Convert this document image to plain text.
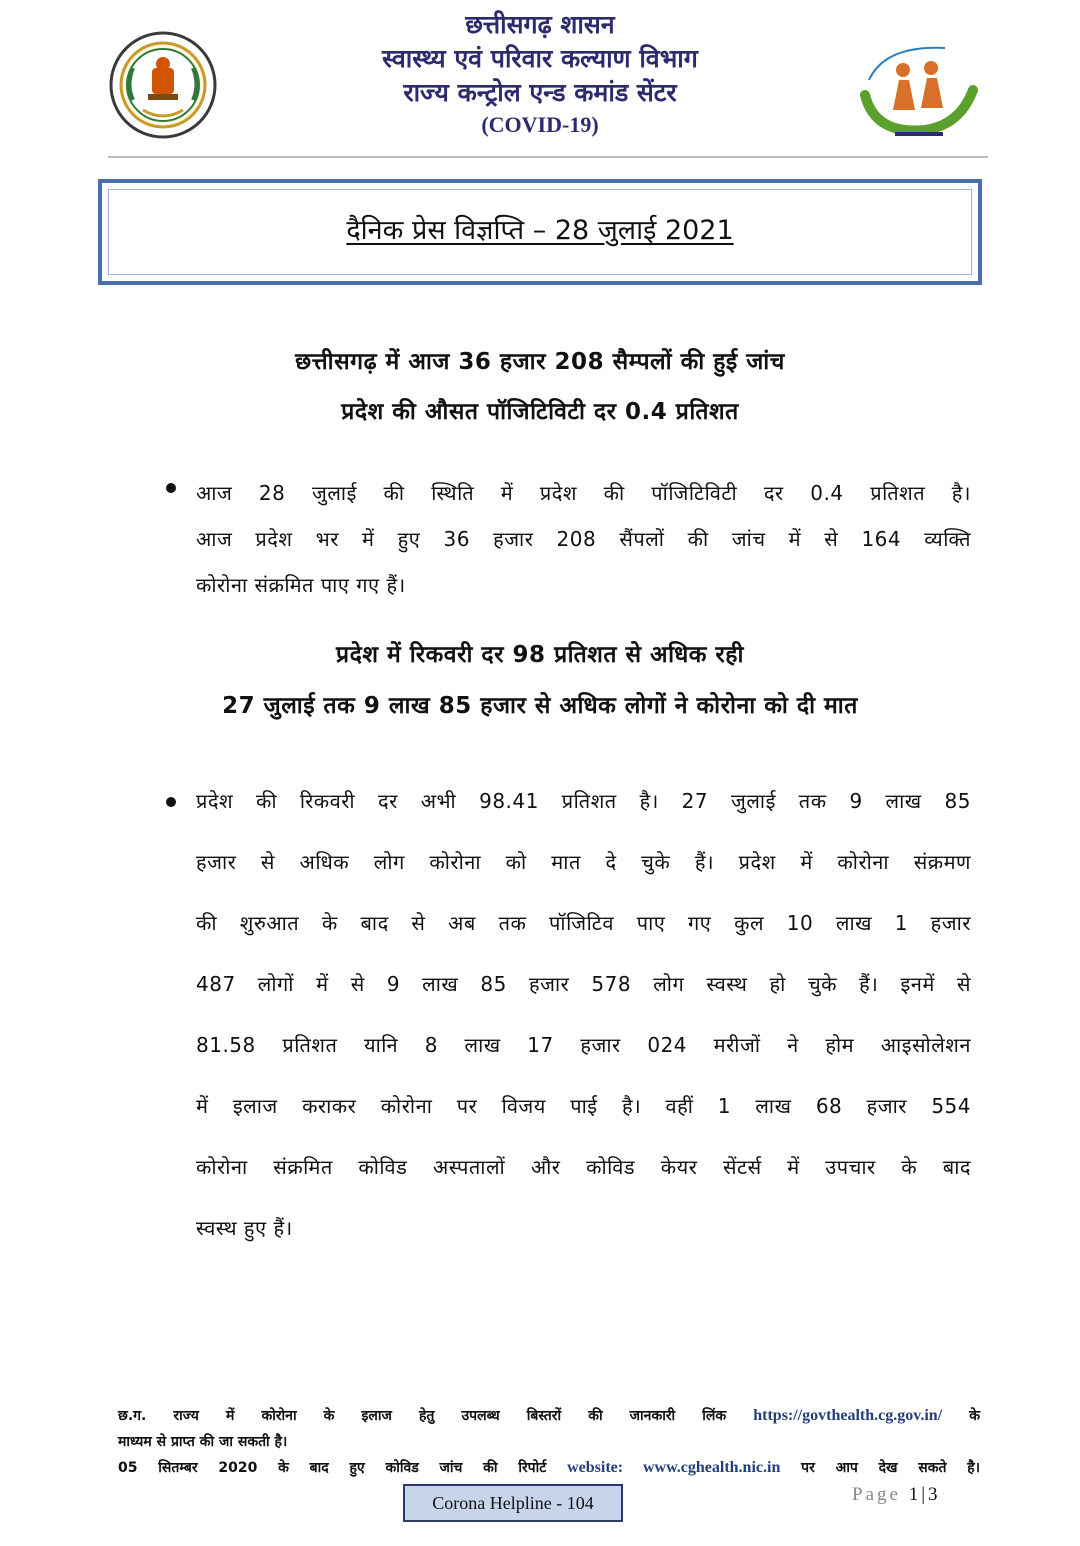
छत्तीसगढ़ शासन
स्वास्थ्य एवं परिवार कल्याण विभाग
राज्य कन्ट्रोल एन्ड कमांड सेंटर
(COVID-19)
दैनिक प्रेस विज्ञप्ति – 28 जुलाई 2021
छत्तीसगढ़ में आज 36 हजार 208 सैम्पलों की हुई जांच
प्रदेश की औसत पॉजिटिविटी दर 0.4 प्रतिशत
आज 28 जुलाई की स्थिति में प्रदेश की पॉजिटिविटी दर 0.4 प्रतिशत है।
आज प्रदेश भर में हुए 36 हजार 208 सैंपलों की जांच में से 164 व्यक्ति
कोरोना संक्रमित पाए गए हैं।
प्रदेश में रिकवरी दर 98 प्रतिशत से अधिक रही
27 जुलाई तक 9 लाख 85 हजार से अधिक लोगों ने कोरोना को दी मात
प्रदेश की रिकवरी दर अभी 98.41 प्रतिशत है। 27 जुलाई तक 9 लाख 85
हजार से अधिक लोग कोरोना को मात दे चुके हैं। प्रदेश में कोरोना संक्रमण
की शुरुआत के बाद से अब तक पॉजिटिव पाए गए कुल 10 लाख 1 हजार
487 लोगों में से 9 लाख 85 हजार 578 लोग स्वस्थ हो चुके हैं। इनमें से
81.58 प्रतिशत यानि 8 लाख 17 हजार 024 मरीजों ने होम आइसोलेशन
में इलाज कराकर कोरोना पर विजय पाई है। वहीं 1 लाख 68 हजार 554
कोरोना संक्रमित कोविड अस्पतालों और कोविड केयर सेंटर्स में उपचार के बाद
स्वस्थ हुए हैं।
छ.ग. राज्य में कोरोना के इलाज हेतु उपलब्ध बिस्तरों की जानकारी लिंक https://govthealth.cg.gov.in/ के
माध्यम से प्राप्त की जा सकती है।
05 सितम्बर 2020 के बाद हुए कोविड जांच की रिपोर्ट website: www.cghealth.nic.in पर आप देख सकते है।
Corona Helpline - 104	Page 1|3
